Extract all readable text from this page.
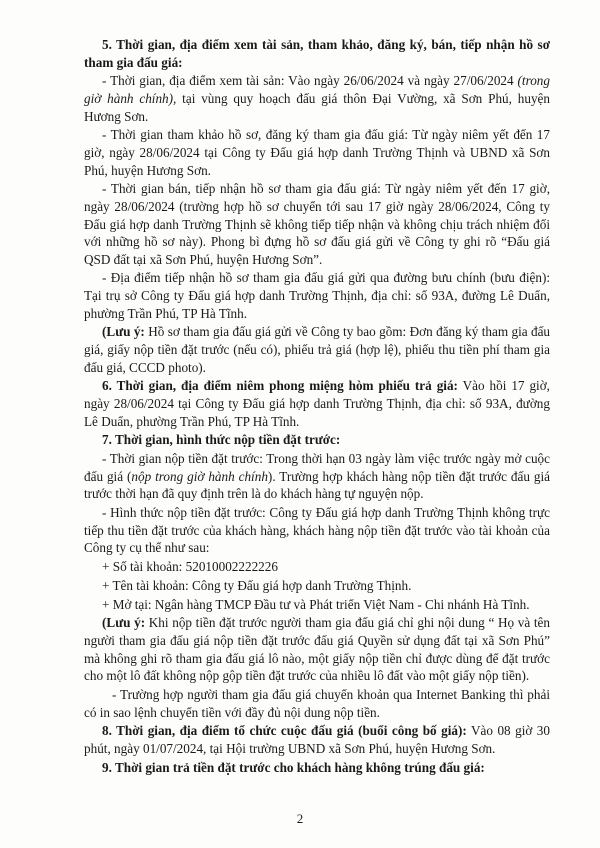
5. Thời gian, địa điểm xem tài sản, tham khảo, đăng ký, bán, tiếp nhận hồ sơ tham gia đấu giá:

- Thời gian, địa điểm xem tài sản: Vào ngày 26/06/2024 và ngày 27/06/2024 (trong giờ hành chính), tại vùng quy hoạch đấu giá thôn Đại Vường, xã Sơn Phú, huyện Hương Sơn.

- Thời gian tham khảo hồ sơ, đăng ký tham gia đấu giá: Từ ngày niêm yết đến 17 giờ, ngày 28/06/2024 tại Công ty Đấu giá hợp danh Trường Thịnh và UBND xã Sơn Phú, huyện Hương Sơn.

- Thời gian bán, tiếp nhận hồ sơ tham gia đấu giá: Từ ngày niêm yết đến 17 giờ, ngày 28/06/2024 (trường hợp hồ sơ chuyển tới sau 17 giờ ngày 28/06/2024, Công ty Đấu giá hợp danh Trường Thịnh sẽ không tiếp tiếp nhận và không chịu trách nhiệm đối với những hồ sơ này). Phong bì đựng hồ sơ đấu giá gửi về Công ty ghi rõ “Đấu giá QSD đất tại xã Sơn Phú, huyện Hương Sơn”.

- Địa điểm tiếp nhận hồ sơ tham gia đấu giá gửi qua đường bưu chính (bưu điện): Tại trụ sở Công ty Đấu giá hợp danh Trường Thịnh, địa chỉ: số 93A, đường Lê Duẩn, phường Trần Phú, TP Hà Tĩnh.

(Lưu ý: Hồ sơ tham gia đấu giá gửi về Công ty bao gồm: Đơn đăng ký tham gia đấu giá, giấy nộp tiền đặt trước (nếu có), phiếu trả giá (hợp lệ), phiếu thu tiền phí tham gia đấu giá, CCCD photo).

6. Thời gian, địa điểm niêm phong miệng hòm phiếu trả giá: Vào hồi 17 giờ, ngày 28/06/2024 tại Công ty Đấu giá hợp danh Trường Thịnh, địa chỉ: số 93A, đường Lê Duẩn, phường Trần Phú, TP Hà Tĩnh.

7. Thời gian, hình thức nộp tiền đặt trước:

- Thời gian nộp tiền đặt trước: Trong thời hạn 03 ngày làm việc trước ngày mở cuộc đấu giá (nộp trong giờ hành chính). Trường hợp khách hàng nộp tiền đặt trước đấu giá trước thời hạn đã quy định trên là do khách hàng tự nguyện nộp.

- Hình thức nộp tiền đặt trước: Công ty Đấu giá hợp danh Trường Thịnh không trực tiếp thu tiền đặt trước của khách hàng, khách hàng nộp tiền đặt trước vào tài khoản của Công ty cụ thể như sau:

+ Số tài khoản: 52010002222226

+ Tên tài khoản: Công ty Đấu giá hợp danh Trường Thịnh.

+ Mở tại: Ngân hàng TMCP Đầu tư và Phát triển Việt Nam - Chi nhánh Hà Tĩnh.

(Lưu ý: Khi nộp tiền đặt trước người tham gia đấu giá chỉ ghi nội dung “ Họ và tên người tham gia đấu giá nộp tiền đặt trước đấu giá Quyền sử dụng đất tại xã Sơn Phú” mà không ghi rõ tham gia đấu giá lô nào, một giấy nộp tiền chỉ được dùng để đặt trước cho một lô đất không nộp gộp tiền đặt trước của nhiều lô đất vào một giấy nộp tiền).

- Trường hợp người tham gia đấu giá chuyển khoản qua Internet Banking thì phải có in sao lệnh chuyển tiền với đầy đủ nội dung nộp tiền.

8. Thời gian, địa điểm tổ chức cuộc đấu giá (buổi công bố giá): Vào 08 giờ 30 phút, ngày 01/07/2024, tại Hội trường UBND xã Sơn Phú, huyện Hương Sơn.

9. Thời gian trả tiền đặt trước cho khách hàng không trúng đấu giá:

2
